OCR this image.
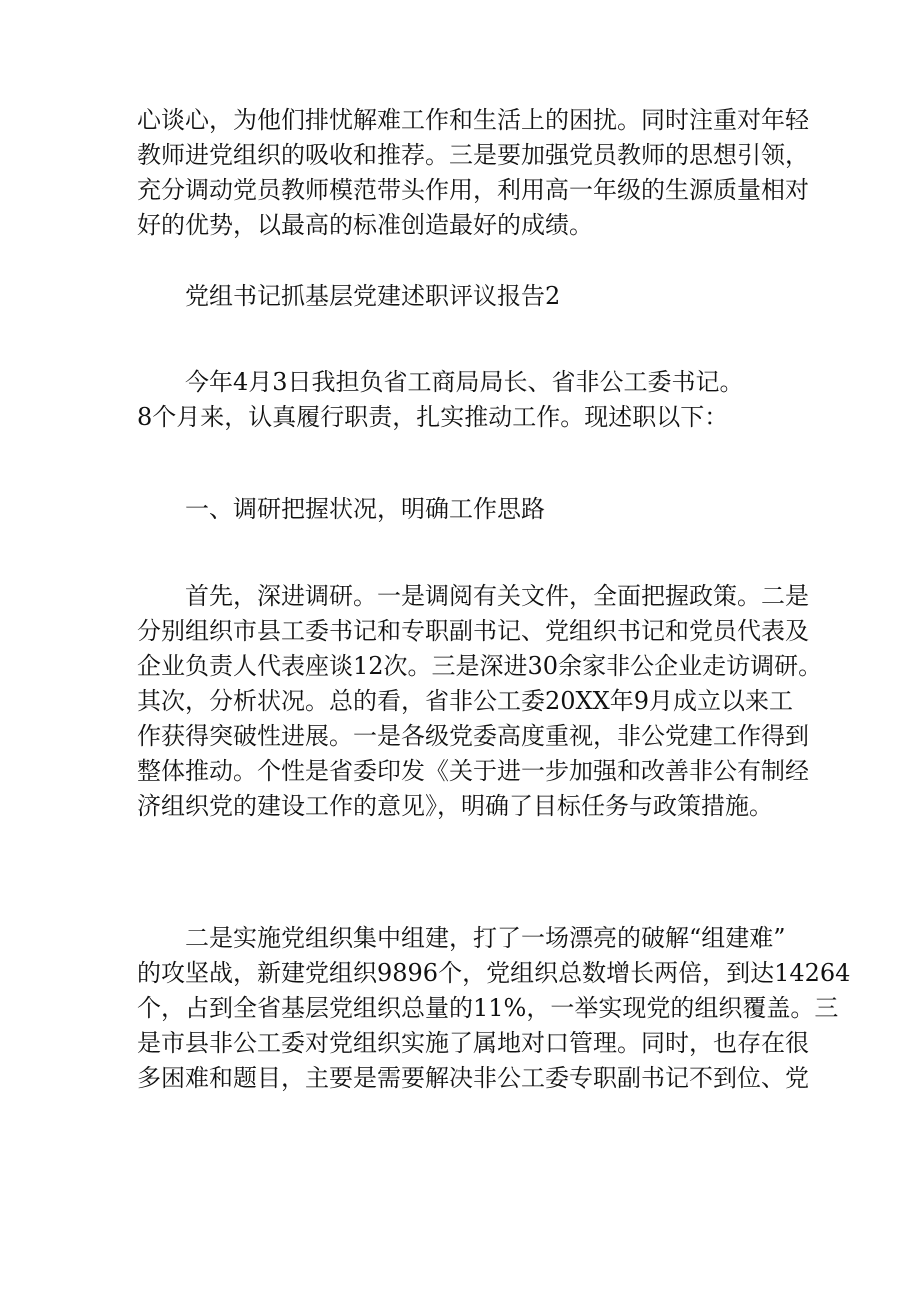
心谈心，为他们排忧解难工作和生活上的困扰。同时注重对年轻
教师进党组织的吸收和推荐。三是要加强党员教师的思想引领，
充分调动党员教师模范带头作用，利用高一年级的生源质量相对
好的优势，以最高的标准创造最好的成绩。
党组书记抓基层党建述职评议报告2
今年4月3日我担负省工商局局长、省非公工委书记。
8个月来，认真履行职责，扎实推动工作。现述职以下：
一、调研把握状况，明确工作思路
首先，深进调研。一是调阅有关文件，全面把握政策。二是
分别组织市县工委书记和专职副书记、党组织书记和党员代表及
企业负责人代表座谈12次。三是深进30余家非公企业走访调研。
其次，分析状况。总的看，省非公工委20XX年9月成立以来工
作获得突破性进展。一是各级党委高度重视，非公党建工作得到
整体推动。个性是省委印发《关于进一步加强和改善非公有制经
济组织党的建设工作的意见》，明确了目标任务与政策措施。
二是实施党组织集中组建，打了一场漂亮的破解“组建难”
的攻坚战，新建党组织9896个，党组织总数增长两倍，到达14264
个，占到全省基层党组织总量的11%，一举实现党的组织覆盖。三
是市县非公工委对党组织实施了属地对口管理。同时，也存在很
多困难和题目，主要是需要解决非公工委专职副书记不到位、党
